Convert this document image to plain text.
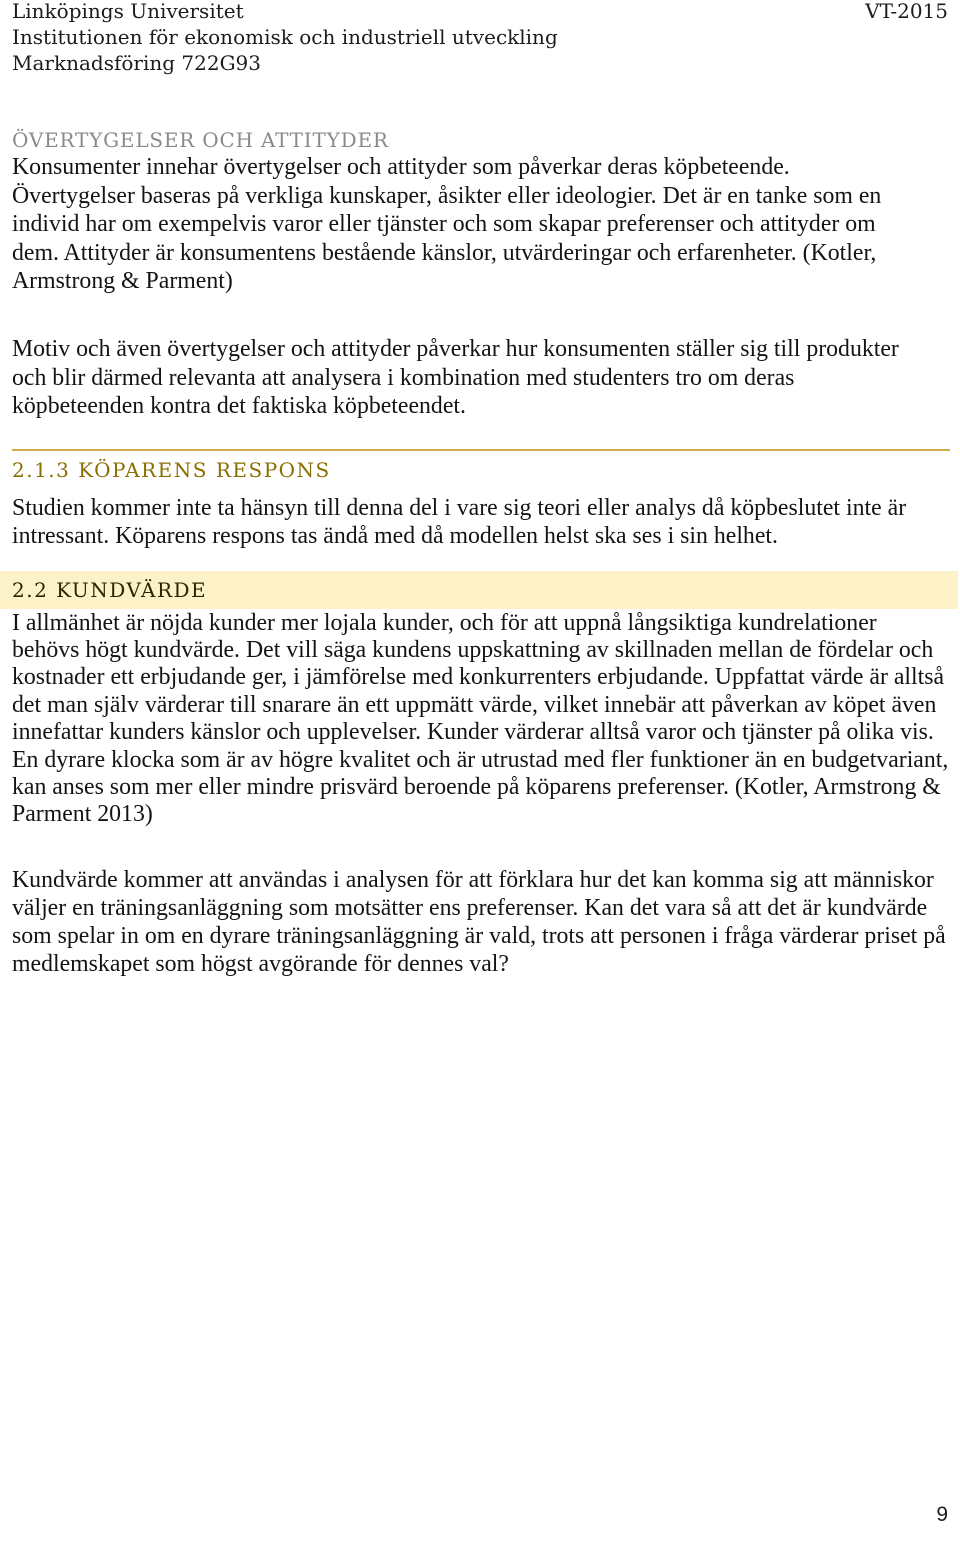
Linköpings Universitet
Institutionen för ekonomisk och industriell utveckling
Marknadsföring 722G93
VT-2015
ÖVERTYGELSER OCH ATTITYDER
Konsumenter innehar övertygelser och attityder som påverkar deras köpbeteende.
Övertygelser baseras på verkliga kunskaper, åsikter eller ideologier. Det är en tanke som en
individ har om exempelvis varor eller tjänster och som skapar preferenser och attityder om
dem. Attityder är konsumentens bestående känslor, utvärderingar och erfarenheter. (Kotler,
Armstrong & Parment)
Motiv och även övertygelser och attityder påverkar hur konsumenten ställer sig till produkter
och blir därmed relevanta att analysera i kombination med studenters tro om deras
köpbeteenden kontra det faktiska köpbeteendet.
2.1.3 KÖPARENS RESPONS
Studien kommer inte ta hänsyn till denna del i vare sig teori eller analys då köpbeslutet inte är
intressant. Köparens respons tas ändå med då modellen helst ska ses i sin helhet.
2.2 KUNDVÄRDE
I allmänhet är nöjda kunder mer lojala kunder, och för att uppnå långsiktiga kundrelationer
behövs högt kundvärde. Det vill säga kundens uppskattning av skillnaden mellan de fördelar och
kostnader ett erbjudande ger, i jämförelse med konkurrenters erbjudande. Uppfattat värde är alltså
det man själv värderar till snarare än ett uppmätt värde, vilket innebär att påverkan av köpet även
innefattar kunders känslor och upplevelser. Kunder värderar alltså varor och tjänster på olika vis.
En dyrare klocka som är av högre kvalitet och är utrustad med fler funktioner än en budgetvariant,
kan anses som mer eller mindre prisvärd beroende på köparens preferenser. (Kotler, Armstrong &
Parment 2013)
Kundvärde kommer att användas i analysen för att förklara hur det kan komma sig att människor
väljer en träningsanläggning som motsätter ens preferenser. Kan det vara så att det är kundvärde
som spelar in om en dyrare träningsanläggning är vald, trots att personen i fråga värderar priset på
medlemskapet som högst avgörande för dennes val?
9
